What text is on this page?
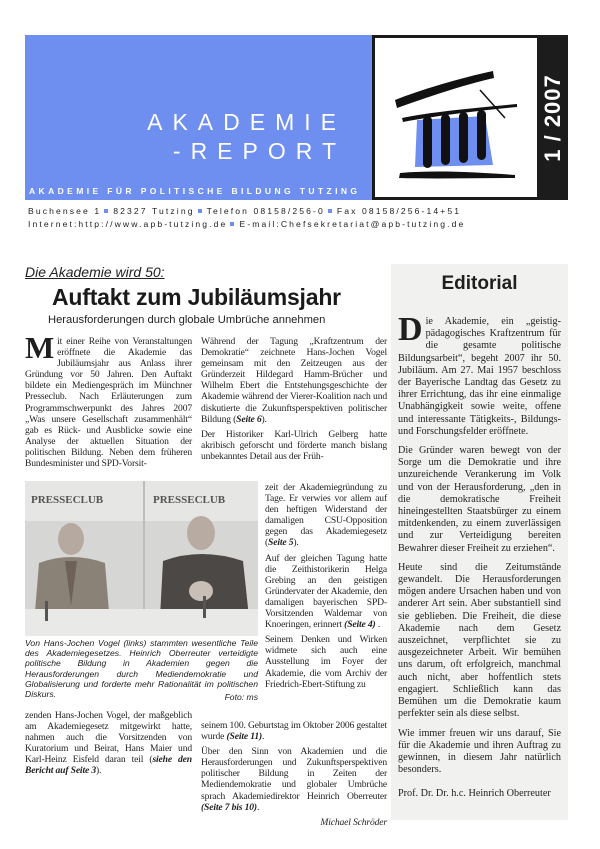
AKADEMIE
-REPORT
AKADEMIE FÜR POLITISCHE BILDUNG TUTZING
1 / 2007
Buchensee 1 82327 Tutzing Telefon 08158/256-0 Fax 08158/256-14+51
Internet:http://www.apb-tutzing.de E-mail:Chefsekretariat@apb-tutzing.de
Die Akademie wird 50:
Auftakt zum Jubiläumsjahr
Herausforderungen durch globale Umbrüche annehmen

Mit einer Reihe von Veranstaltungen eröffnete die Akademie das Jubiläumsjahr aus Anlass ihrer Gründung vor 50 Jahren. Den Auftakt bildete ein Mediengespräch im Münchner Presseclub. Nach Erläuterungen zum Programmschwerpunkt des Jahres 2007 „Was unsere Gesellschaft zusammenhält“ gab es Rück- und Ausblicke sowie eine Analyse der aktuellen Situation der politischen Bildung. Neben dem früheren Bundesminister und SPD-Vorsit-

Während der Tagung „Kraftzentrum der Demokratie“ zeichnete Hans-Jochen Vogel gemeinsam mit den Zeitzeugen aus der Gründerzeit Hildegard Hamm-Brücher und Wilhelm Ebert die Entstehungsgeschichte der Akademie während der Vierer-Koalition nach und diskutierte die Zukunftsperspektiven politischer Bildung (Seite 6).

Der Historiker Karl-Ulrich Gelberg hatte akribisch geforscht und förderte manch bislang unbekanntes Detail aus der Früh-

zeit der Akademiegründung zu Tage. Er verwies vor allem auf den heftigen Widerstand der damaligen CSU-Opposition gegen das Akademiegesetz (Seite 5).

Auf der gleichen Tagung hatte die Zeithistorikerin Helga Grebing an den geistigen Gründervater der Akademie, den damaligen bayerischen SPD-Vorsitzenden Waldemar von Knoeringen, erinnert (Seite 4) .

Seinem Denken und Wirken widmete sich auch eine Ausstellung im Foyer der Akademie, die vom Archiv der Friedrich-Ebert-Stiftung zu

seinem 100. Geburtstag im Oktober 2006 gestaltet wurde (Seite 11).

Über den Sinn von Akademien und die Herausforderungen und Zukunftsperspektiven politischer Bildung in Zeiten der Mediendemokratie und globaler Umbrüche sprach Akademiedirektor Heinrich Oberreuter (Seite 7 bis 10).

Michael Schröder
PRESSECLUB	PRESSECLUB
Von Hans-Jochen Vogel (links) stammten wesentliche Teile des Akademiegesetzes. Heinrich Oberreuter verteidigte politische Bildung in Akademien gegen die Herausforderungen durch Mediendemokratie und Globalisierung und forderte mehr Rationalität im politischen Diskurs.	Foto: ms

zenden Hans-Jochen Vogel, der maßgeblich am Akademiegesetz mitgewirkt hatte, nahmen auch die Vorsitzenden von Kuratorium und Beirat, Hans Maier und Karl-Heinz Eisfeld daran teil (siehe den Bericht auf Seite 3).

Editorial

Die Akademie, ein „geistig-pädagogisches Kraftzentrum für die gesamte politische Bildungsarbeit“, begeht 2007 ihr 50. Jubiläum. Am 27. Mai 1957 beschloss der Bayerische Landtag das Gesetz zu ihrer Errichtung, das ihr eine einmalige Unabhängigkeit sowie weite, offene und interessante Tätigkeits-, Bildungs- und Forschungsfelder eröffnete.

Die Gründer waren bewegt von der Sorge um die Demokratie und ihre unzureichende Verankerung im Volk und von der Herausforderung, „den in die demokratische Freiheit hineingestellten Staatsbürger zu einem mitdenkenden, zu einem zuverlässigen und zur Verteidigung bereiten Bewahrer dieser Freiheit zu erziehen“.

Heute sind die Zeitumstände gewandelt. Die Herausforderungen mögen andere Ursachen haben und von anderer Art sein. Aber substantiell sind sie geblieben. Die Freiheit, die diese Akademie nach dem Gesetz auszeichnet, verpflichtet sie zu ausgezeichneter Arbeit. Wir bemühen uns darum, oft erfolgreich, manchmal auch nicht, aber hoffentlich stets engagiert. Schließlich kann das Bemühen um die Demokratie kaum perfekter sein als diese selbst.

Wie immer freuen wir uns darauf, Sie für die Akademie und ihren Auftrag zu gewinnen, in diesem Jahr natürlich besonders.

Prof. Dr. Dr. h.c. Heinrich Oberreuter
